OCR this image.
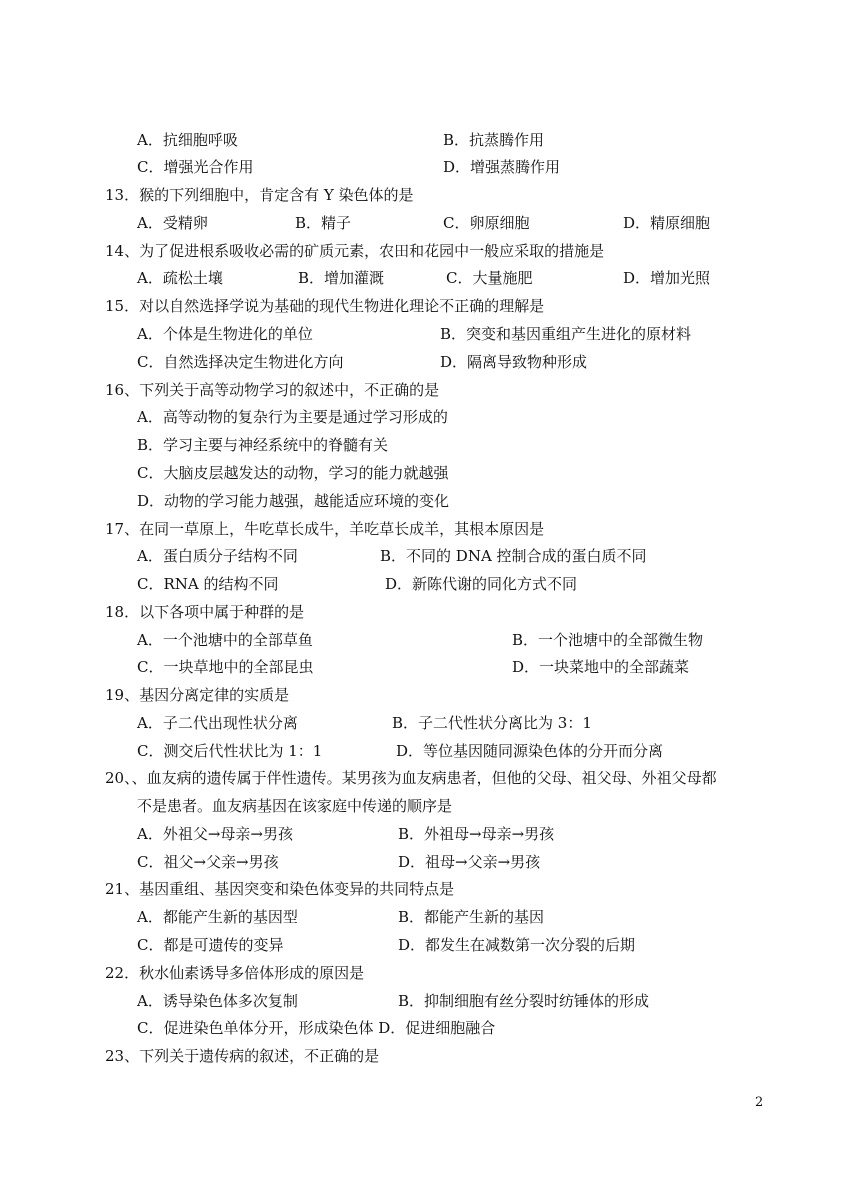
A．抗细胞呼吸	B．抗蒸腾作用
C．增强光合作用	D．增强蒸腾作用
13．猴的下列细胞中，肯定含有 Y 染色体的是
A．受精卵	B．精子	C．卵原细胞	D．精原细胞
14、为了促进根系吸收必需的矿质元素，农田和花园中一般应采取的措施是
A．疏松土壤	B．增加灌溉	C．大量施肥	D．增加光照
15．对以自然选择学说为基础的现代生物进化理论不正确的理解是
A．个体是生物进化的单位	B．突变和基因重组产生进化的原材料
C．自然选择决定生物进化方向	D．隔离导致物种形成
16、下列关于高等动物学习的叙述中，不正确的是
A．高等动物的复杂行为主要是通过学习形成的
B．学习主要与神经系统中的脊髓有关
C．大脑皮层越发达的动物，学习的能力就越强
D．动物的学习能力越强，越能适应环境的变化
17、在同一草原上，牛吃草长成牛，羊吃草长成羊，其根本原因是
A．蛋白质分子结构不同	B．不同的 DNA 控制合成的蛋白质不同
C．RNA 的结构不同	D．新陈代谢的同化方式不同
18．以下各项中属于种群的是
A．一个池塘中的全部草鱼	B．一个池塘中的全部微生物
C．一块草地中的全部昆虫	D．一块菜地中的全部蔬菜
19、基因分离定律的实质是
A．子二代出现性状分离	B．子二代性状分离比为 3：1
C．测交后代性状比为 1：1	D．等位基因随同源染色体的分开而分离
20、、血友病的遗传属于伴性遗传。某男孩为血友病患者，但他的父母、祖父母、外祖父母都
不是患者。血友病基因在该家庭中传递的顺序是
A．外祖父→母亲→男孩	B．外祖母→母亲→男孩
C．祖父→父亲→男孩	D．祖母→父亲→男孩
21、基因重组、基因突变和染色体变异的共同特点是
A．都能产生新的基因型	B．都能产生新的基因
C．都是可遗传的变异	D．都发生在减数第一次分裂的后期
22．秋水仙素诱导多倍体形成的原因是
A．诱导染色体多次复制	B．抑制细胞有丝分裂时纺锤体的形成
C．促进染色单体分开，形成染色体 D．促进细胞融合
23、下列关于遗传病的叙述，不正确的是
2
